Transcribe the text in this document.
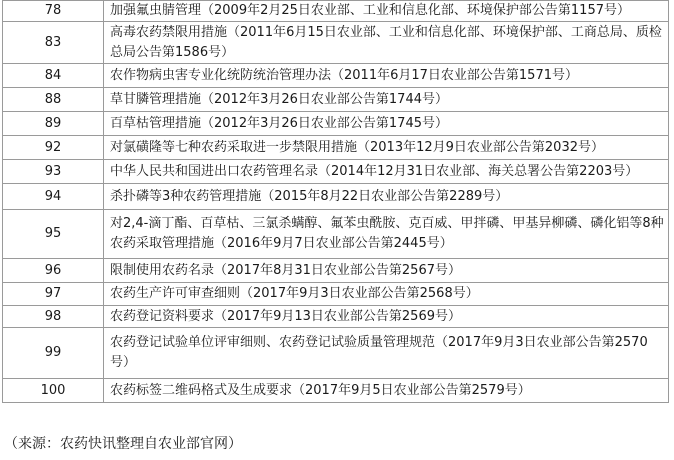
78	加强氟虫腈管理（2009年2月25日农业部、工业和信息化部、环境保护部公告第1157号）
83	高毒农药禁限用措施（2011年6月15日农业部、工业和信息化部、环境保护部、工商总局、质检总局公告第1586号）
84	农作物病虫害专业化统防统治管理办法（2011年6月17日农业部公告第1571号）
88	草甘膦管理措施（2012年3月26日农业部公告第1744号）
89	百草枯管理措施（2012年3月26日农业部公告第1745号）
92	对氯磺隆等七种农药采取进一步禁限用措施（2013年12月9日农业部公告第2032号）
93	中华人民共和国进出口农药管理名录（2014年12月31日农业部、海关总署公告第2203号）
94	杀扑磷等3种农药管理措施（2015年8月22日农业部公告第2289号）
95	对2,4-滴丁酯、百草枯、三氯杀螨醇、氟苯虫酰胺、克百威、甲拌磷、甲基异柳磷、磷化铝等8种农药采取管理措施（2016年9月7日农业部公告第2445号）
96	限制使用农药名录（2017年8月31日农业部公告第2567号）
97	农药生产许可审查细则（2017年9月3日农业部公告第2568号）
98	农药登记资料要求（2017年9月13日农业部公告第2569号）
99	农药登记试验单位评审细则、农药登记试验质量管理规范（2017年9月3日农业部公告第2570号）
100	农药标签二维码格式及生成要求（2017年9月5日农业部公告第2579号）
（来源：农药快讯整理自农业部官网）
